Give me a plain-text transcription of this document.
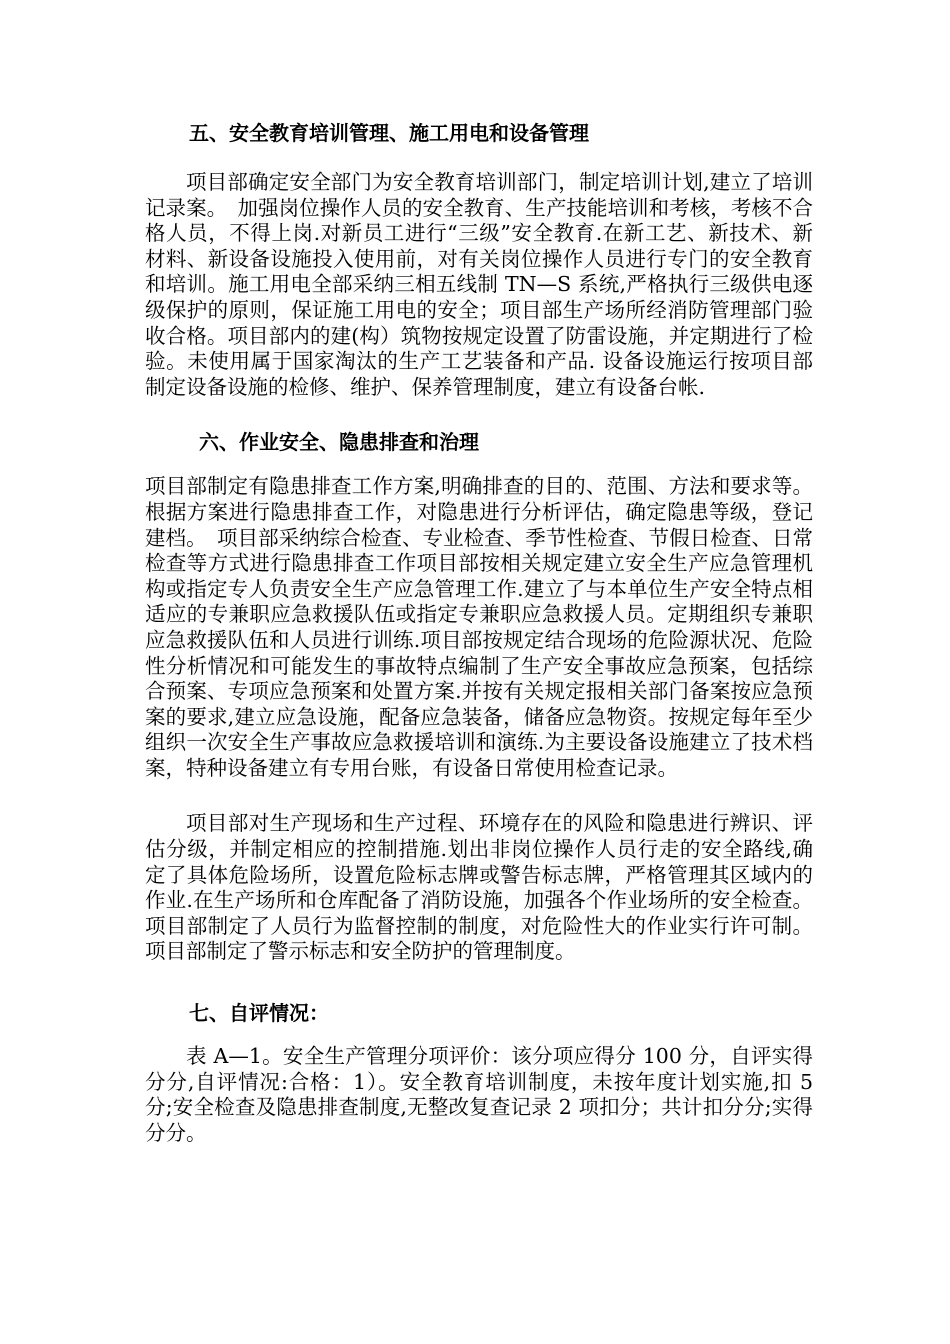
五、安全教育培训管理、施工用电和设备管理

项目部确定安全部门为安全教育培训部门，制定培训计划,建立了培训记录案。　加强岗位操作人员的安全教育、生产技能培训和考核，考核不合格人员，不得上岗.对新员工进行“三级”安全教育.在新工艺、新技术、新材料、新设备设施投入使用前，对有关岗位操作人员进行专门的安全教育和培训。施工用电全部采纳三相五线制 TN—S 系统,严格执行三级供电逐级保护的原则，保证施工用电的安全；项目部生产场所经消防管理部门验收合格。项目部内的建(构）筑物按规定设置了防雷设施，并定期进行了检验。未使用属于国家淘汰的生产工艺装备和产品. 设备设施运行按项目部制定设备设施的检修、维护、保养管理制度，建立有设备台帐.

六、作业安全、隐患排查和治理

项目部制定有隐患排查工作方案,明确排查的目的、范围、方法和要求等。根据方案进行隐患排查工作，对隐患进行分析评估，确定隐患等级，登记建档。　项目部采纳综合检查、专业检查、季节性检查、节假日检查、日常检查等方式进行隐患排查工作项目部按相关规定建立安全生产应急管理机构或指定专人负责安全生产应急管理工作.建立了与本单位生产安全特点相适应的专兼职应急救援队伍或指定专兼职应急救援人员。定期组织专兼职应急救援队伍和人员进行训练.项目部按规定结合现场的危险源状况、危险性分析情况和可能发生的事故特点编制了生产安全事故应急预案，包括综合预案、专项应急预案和处置方案.并按有关规定报相关部门备案按应急预案的要求,建立应急设施，配备应急装备，储备应急物资。按规定每年至少组织一次安全生产事故应急救援培训和演练.为主要设备设施建立了技术档案，特种设备建立有专用台账，有设备日常使用检查记录。

项目部对生产现场和生产过程、环境存在的风险和隐患进行辨识、评估分级，并制定相应的控制措施.划出非岗位操作人员行走的安全路线,确定了具体危险场所，设置危险标志牌或警告标志牌，严格管理其区域内的作业.在生产场所和仓库配备了消防设施，加强各个作业场所的安全检查。项目部制定了人员行为监督控制的制度，对危险性大的作业实行许可制。项目部制定了警示标志和安全防护的管理制度。

七、自评情况：

表 A—1。安全生产管理分项评价：该分项应得分 100 分，自评实得分分,自评情况:合格：1）。安全教育培训制度，未按年度计划实施,扣 5 分;安全检查及隐患排查制度,无整改复查记录 2 项扣分；共计扣分分;实得分分。
